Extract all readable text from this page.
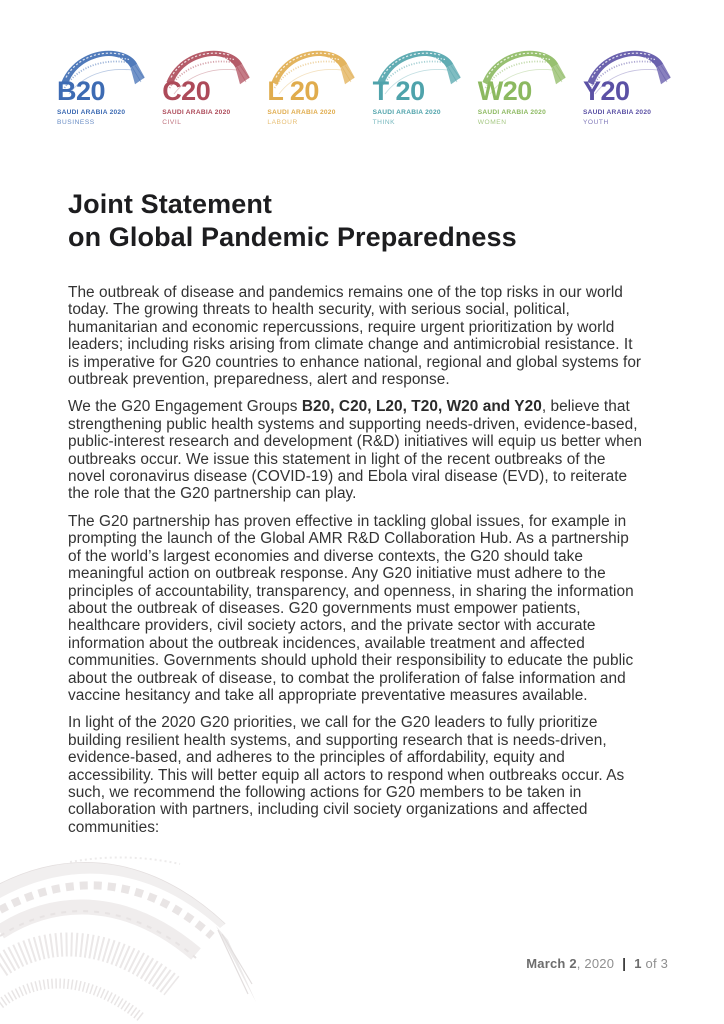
B20
SAUDI ARABIA 2020
BUSINESS
C20
SAUDI ARABIA 2020
CIVIL
L 20
SAUDI ARABIA 2020
LABOUR
T 20
SAUDI ARABIA 2020
THINK
W20
SAUDI ARABIA 2020
WOMEN
Y20
SAUDI ARABIA 2020
YOUTH
Joint Statement
on Global Pandemic Preparedness

The outbreak of disease and pandemics remains one of the top risks in our world today. The growing threats to health security, with serious social, political, humanitarian and economic repercussions, require urgent prioritization by world leaders; including risks arising from climate change and antimicrobial resistance. It is imperative for G20 countries to enhance national, regional and global systems for outbreak prevention, preparedness, alert and response.

We the G20 Engagement Groups B20, C20, L20, T20, W20 and Y20, believe that strengthening public health systems and supporting needs-driven, evidence-based, public-interest research and development (R&D) initiatives will equip us better when outbreaks occur. We issue this statement in light of the recent outbreaks of the novel coronavirus disease (COVID-19) and Ebola viral disease (EVD), to reiterate the role that the G20 partnership can play.

The G20 partnership has proven effective in tackling global issues, for example in prompting the launch of the Global AMR R&D Collaboration Hub. As a partnership of the world’s largest economies and diverse contexts, the G20 should take meaningful action on outbreak response. Any G20 initiative must adhere to the principles of accountability, transparency, and openness, in sharing the information about the outbreak of diseases. G20 governments must empower patients, healthcare providers, civil society actors, and the private sector with accurate information about the outbreak incidences, available treatment and affected communities. Governments should uphold their responsibility to educate the public about the outbreak of disease, to combat the proliferation of false information and vaccine hesitancy and take all appropriate preventative measures available.

In light of the 2020 G20 priorities, we call for the G20 leaders to fully prioritize building resilient health systems, and supporting research that is needs-driven, evidence-based, and adheres to the principles of affordability, equity and accessibility. This will better equip all actors to respond when outbreaks occur. As such, we recommend the following actions for G20 members to be taken in collaboration with partners, including civil society organizations and affected communities:

March 2 , 2020 | 1 of 3
